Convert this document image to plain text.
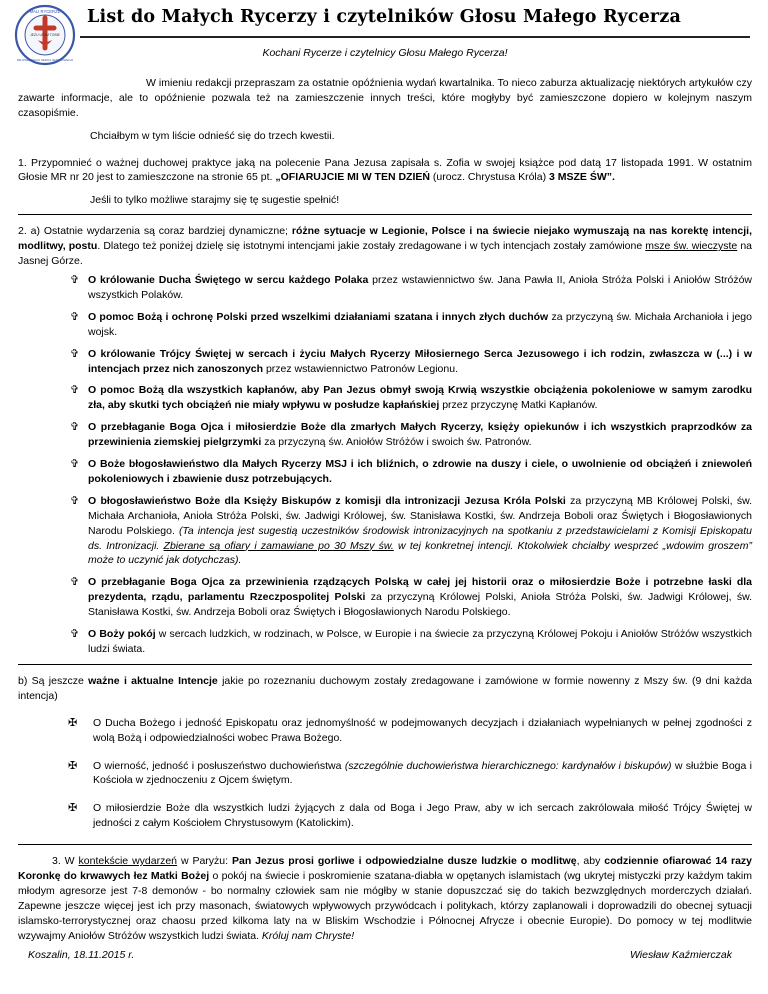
MALI RYCERZE
MIŁOSIERNEGO SERCA JEZUSOWEGO
JEZU UFAM TOBIE
List do Małych Rycerzy i czytelników Głosu Małego Rycerza

Kochani Rycerze i czytelnicy Głosu Małego Rycerza!

W imieniu redakcji przepraszam za ostatnie opóźnienia wydań kwartalnika. To nieco zaburza aktualizację niektórych artykułów czy zawarte informacje, ale to opóźnienie pozwala też na zamieszczenie innych treści, które mogłyby być zamieszczone dopiero w kolejnym naszym czasopiśmie.

Chciałbym w tym liście odnieść się do trzech kwestii.

1. Przypomnieć o ważnej duchowej praktyce jaką na polecenie Pana Jezusa zapisała s. Zofia w swojej książce pod datą 17 listopada 1991. W ostatnim Głosie MR nr 20 jest to zamieszczone na stronie 65 pt. „OFIARUJCIE MI W TEN DZIEŃ (urocz. Chrystusa Króla) 3 MSZE ŚW”.

Jeśli to tylko możliwe starajmy się tę sugestie spełnić!

2. a) Ostatnie wydarzenia są coraz bardziej dynamiczne; różne sytuacje w Legionie, Polsce i na świecie niejako wymuszają na nas korektę intencji, modlitwy, postu. Dlatego też poniżej dzielę się istotnymi intencjami jakie zostały zredagowane i w tych intencjach zostały zamówione msze św. wieczyste na Jasnej Górze.

✞ O królowanie Ducha Świętego w sercu każdego Polaka przez wstawiennictwo św. Jana Pawła II, Anioła Stróża Polski i Aniołów Stróżów wszystkich Polaków.
✞ O pomoc Bożą i ochronę Polski przed wszelkimi działaniami szatana i innych złych duchów za przyczyną św. Michała Archanioła i jego wojsk.
✞ O królowanie Trójcy Świętej w sercach i życiu Małych Rycerzy Miłosiernego Serca Jezusowego i ich rodzin, zwłaszcza w (...) i w intencjach przez nich zanoszonych przez wstawiennictwo Patronów Legionu.
✞ O pomoc Bożą dla wszystkich kapłanów, aby Pan Jezus obmył swoją Krwią wszystkie obciążenia pokoleniowe w samym zarodku zła, aby skutki tych obciążeń nie miały wpływu w posłudze kapłańskiej przez przyczynę Matki Kapłanów.
✞ O przebłaganie Boga Ojca i miłosierdzie Boże dla zmarłych Małych Rycerzy, księży opiekunów i ich wszystkich praprzodków za przewinienia ziemskiej pielgrzymki za przyczyną św. Aniołów Stróżów i swoich św. Patronów.
✞ O Boże błogosławieństwo dla Małych Rycerzy MSJ i ich bliźnich, o zdrowie na duszy i ciele, o uwolnienie od obciążeń i zniewoleń pokoleniowych i zbawienie dusz potrzebujących.
✞ O błogosławieństwo Boże dla Księży Biskupów z komisji dla intronizacji Jezusa Króla Polski za przyczyną MB Królowej Polski, św. Michała Archanioła, Anioła Stróża Polski, św. Jadwigi Królowej, św. Stanisława Kostki, św. Andrzeja Boboli oraz Świętych i Błogosławionych Narodu Polskiego. (Ta intencja jest sugestią uczestników środowisk intronizacyjnych na spotkaniu z przedstawicielami z Komisji Episkopatu ds. Intronizacji. Zbierane są ofiary i zamawiane po 30 Mszy św. w tej konkretnej intencji. Ktokolwiek chciałby wesprzeć „wdowim groszem” może to uczynić jak dotychczas).
✞ O przebłaganie Boga Ojca za przewinienia rządzących Polską w całej jej historii oraz o miłosierdzie Boże i potrzebne łaski dla prezydenta, rządu, parlamentu Rzeczpospolitej Polski za przyczyną Królowej Polski, Anioła Stróża Polski, św. Jadwigi Królowej, św. Stanisława Kostki, św. Andrzeja Boboli oraz Świętych i Błogosławionych Narodu Polskiego.
✞ O Boży pokój w sercach ludzkich, w rodzinach, w Polsce, w Europie i na świecie za przyczyną Królowej Pokoju i Aniołów Stróżów wszystkich ludzi świata.

b) Są jeszcze ważne i aktualne Intencje jakie po rozeznaniu duchowym zostały zredagowane i zamówione w formie nowenny z Mszy św. (9 dni każda intencja)

✠ O Ducha Bożego i jedność Episkopatu oraz jednomyślność w podejmowanych decyzjach i działaniach wypełnianych w pełnej zgodności z wolą Bożą i odpowiedzialności wobec Prawa Bożego.
✠ O wierność, jedność i posłuszeństwo duchowieństwa (szczególnie duchowieństwa hierarchicznego: kardynałów i biskupów) w służbie Boga i Kościoła w zjednoczeniu z Ojcem świętym.
✠ O miłosierdzie Boże dla wszystkich ludzi żyjących z dala od Boga i Jego Praw, aby w ich sercach zakrólowała miłość Trójcy Świętej w jedności z całym Kościołem Chrystusowym (Katolickim).

3. W kontekście wydarzeń w Paryżu: Pan Jezus prosi gorliwe i odpowiedzialne dusze ludzkie o modlitwę, aby codziennie ofiarować 14 razy Koronkę do krwawych łez Matki Bożej o pokój na świecie i poskromienie szatana-diabła w opętanych islamistach (wg ukrytej mistyczki przy każdym takim młodym agresorze jest 7-8 demonów - bo normalny człowiek sam nie mógłby w stanie dopuszczać się do takich bezwzględnych morderczych działań. Zapewne jeszcze więcej jest ich przy masonach, światowych wpływowych przywódcach i politykach, którzy zaplanowali i doprowadzili do obecnej sytuacji islamsko-terrorystycznej oraz chaosu przed kilkoma laty na w Bliskim Wschodzie i Północnej Afrycze i obecnie Europie). Do pomocy w tej modlitwie wzywajmy Aniołów Stróżów wszystkich ludzi świata. Króluj nam Chryste!

Koszalin, 18.11.2015 r.	Wiesław Kaźmierczak
